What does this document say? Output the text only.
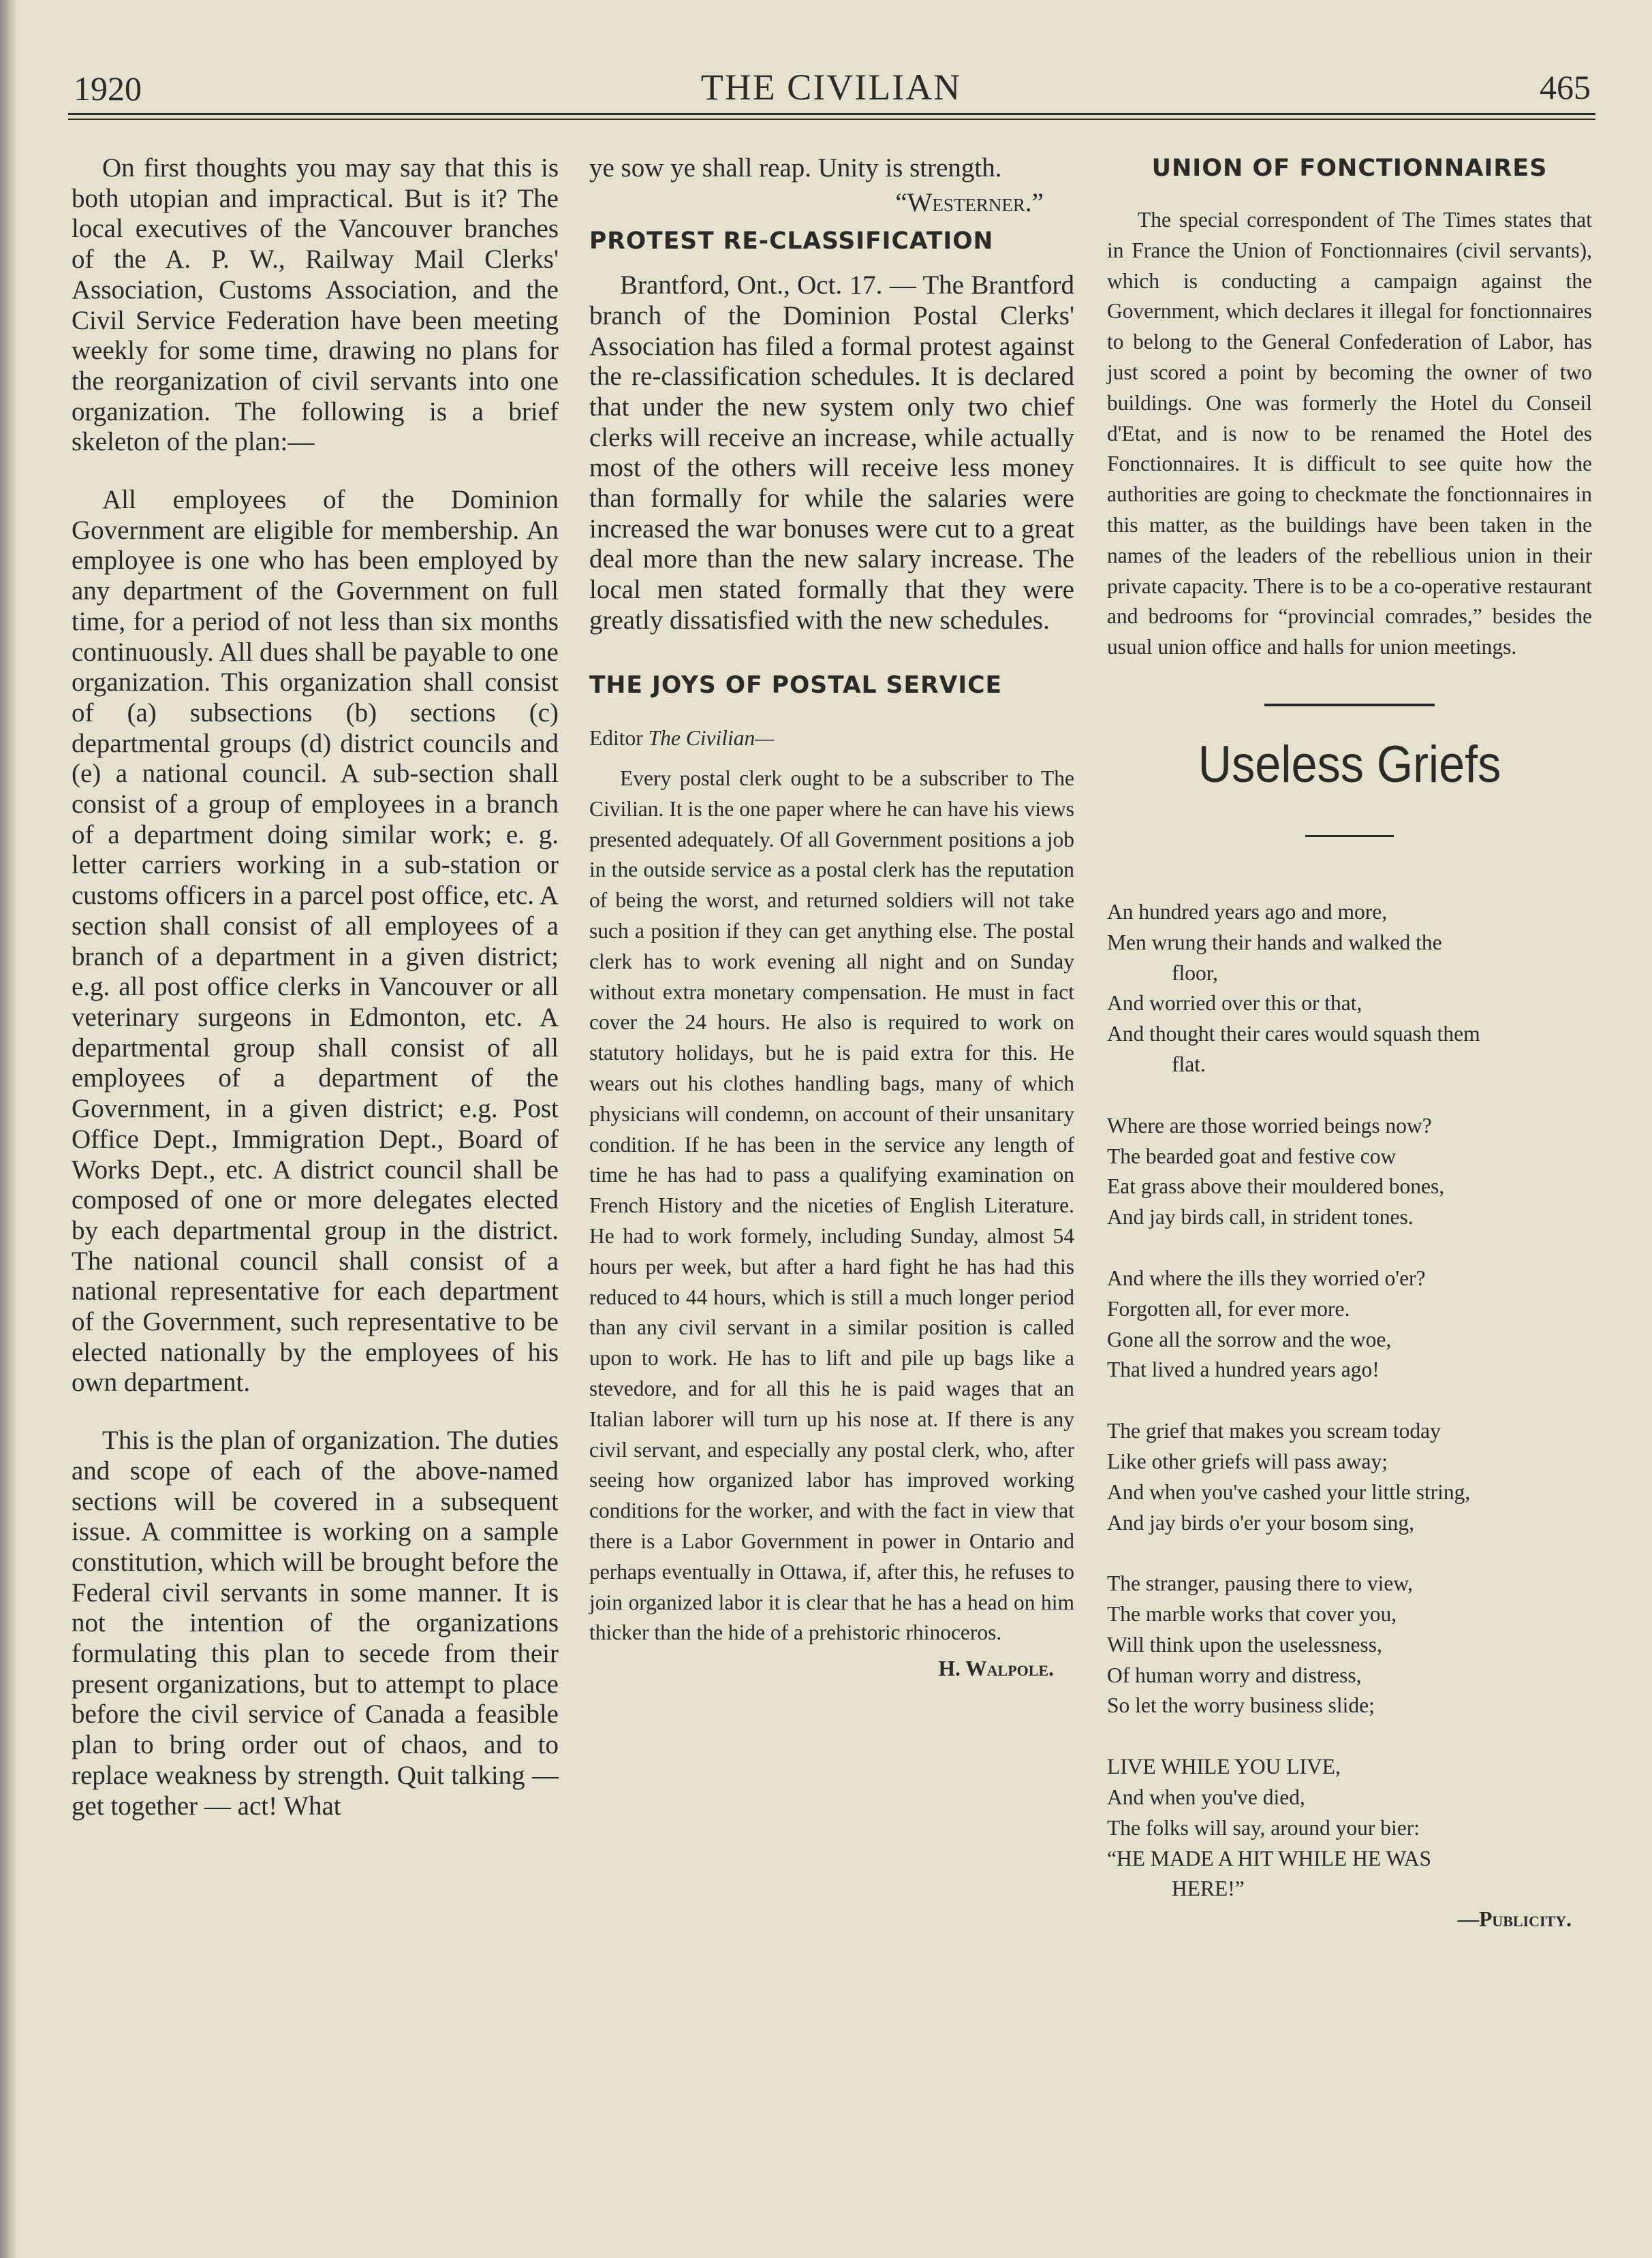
1920	THE CIVILIAN	465

On first thoughts you may say that this is both utopian and impractical. But is it? The local executives of the Vancouver branches of the A. P. W., Railway Mail Clerks' Association, Customs Association, and the Civil Service Federation have been meeting weekly for some time, drawing no plans for the reorganization of civil servants into one organization. The following is a brief skeleton of the plan:—

All employees of the Dominion Government are eligible for membership. An employee is one who has been employed by any department of the Government on full time, for a period of not less than six months continuously. All dues shall be payable to one organization. This organization shall consist of (a) subsections (b) sections (c) departmental groups (d) district councils and (e) a national council. A sub-section shall consist of a group of employees in a branch of a department doing similar work; e. g. letter carriers working in a sub-station or customs officers in a parcel post office, etc. A section shall consist of all employees of a branch of a department in a given district; e.g. all post office clerks in Vancouver or all veterinary surgeons in Edmonton, etc. A departmental group shall consist of all employees of a department of the Government, in a given district; e.g. Post Office Dept., Immigration Dept., Board of Works Dept., etc. A district council shall be composed of one or more delegates elected by each departmental group in the district. The national council shall consist of a national representative for each department of the Government, such representative to be elected nationally by the employees of his own department.

This is the plan of organization. The duties and scope of each of the above-named sections will be covered in a subsequent issue. A committee is working on a sample constitution, which will be brought before the Federal civil servants in some manner. It is not the intention of the organizations formulating this plan to secede from their present organizations, but to attempt to place before the civil service of Canada a feasible plan to bring order out of chaos, and to replace weakness by strength. Quit talking — get together — act! What

ye sow ye shall reap. Unity is strength.

“Westerner.”

PROTEST RE-CLASSIFICATION

Brantford, Ont., Oct. 17. — The Brantford branch of the Dominion Postal Clerks' Association has filed a formal protest against the re-classification schedules. It is declared that under the new system only two chief clerks will receive an increase, while actually most of the others will receive less money than formally for while the salaries were increased the war bonuses were cut to a great deal more than the new salary increase. The local men stated formally that they were greatly dissatisfied with the new schedules.

THE JOYS OF POSTAL SERVICE

Editor The Civilian—

Every postal clerk ought to be a subscriber to The Civilian. It is the one paper where he can have his views presented adequately. Of all Government positions a job in the outside service as a postal clerk has the reputation of being the worst, and returned soldiers will not take such a position if they can get anything else. The postal clerk has to work evening all night and on Sunday without extra monetary compensation. He must in fact cover the 24 hours. He also is required to work on statutory holidays, but he is paid extra for this. He wears out his clothes handling bags, many of which physicians will condemn, on account of their unsanitary condition. If he has been in the service any length of time he has had to pass a qualifying examination on French History and the niceties of English Literature. He had to work formely, including Sunday, almost 54 hours per week, but after a hard fight he has had this reduced to 44 hours, which is still a much longer period than any civil servant in a similar position is called upon to work. He has to lift and pile up bags like a stevedore, and for all this he is paid wages that an Italian laborer will turn up his nose at. If there is any civil servant, and especially any postal clerk, who, after seeing how organized labor has improved working conditions for the worker, and with the fact in view that there is a Labor Government in power in Ontario and perhaps eventually in Ottawa, if, after this, he refuses to join organized labor it is clear that he has a head on him thicker than the hide of a prehistoric rhinoceros.

H. Walpole.

UNION OF FONCTIONNAIRES

The special correspondent of The Times states that in France the Union of Fonctionnaires (civil servants), which is conducting a campaign against the Government, which declares it illegal for fonctionnaires to belong to the General Confederation of Labor, has just scored a point by becoming the owner of two buildings. One was formerly the Hotel du Conseil d'Etat, and is now to be renamed the Hotel des Fonctionnaires. It is difficult to see quite how the authorities are going to checkmate the fonctionnaires in this matter, as the buildings have been taken in the names of the leaders of the rebellious union in their private capacity. There is to be a co-operative restaurant and bedrooms for “provincial comrades,” besides the usual union office and halls for union meetings.

Useless Griefs
An hundred years ago and more,
Men wrung their hands and walked the
floor,
And worried over this or that,
And thought their cares would squash them
flat.
Where are those worried beings now?
The bearded goat and festive cow
Eat grass above their mouldered bones,
And jay birds call, in strident tones.
And where the ills they worried o'er?
Forgotten all, for ever more.
Gone all the sorrow and the woe,
That lived a hundred years ago!
The grief that makes you scream today
Like other griefs will pass away;
And when you've cashed your little string,
And jay birds o'er your bosom sing,
The stranger, pausing there to view,
The marble works that cover you,
Will think upon the uselessness,
Of human worry and distress,
So let the worry business slide;
LIVE WHILE YOU LIVE,
And when you've died,
The folks will say, around your bier:
“HE MADE A HIT WHILE HE WAS
HERE!”

—Publicity.
